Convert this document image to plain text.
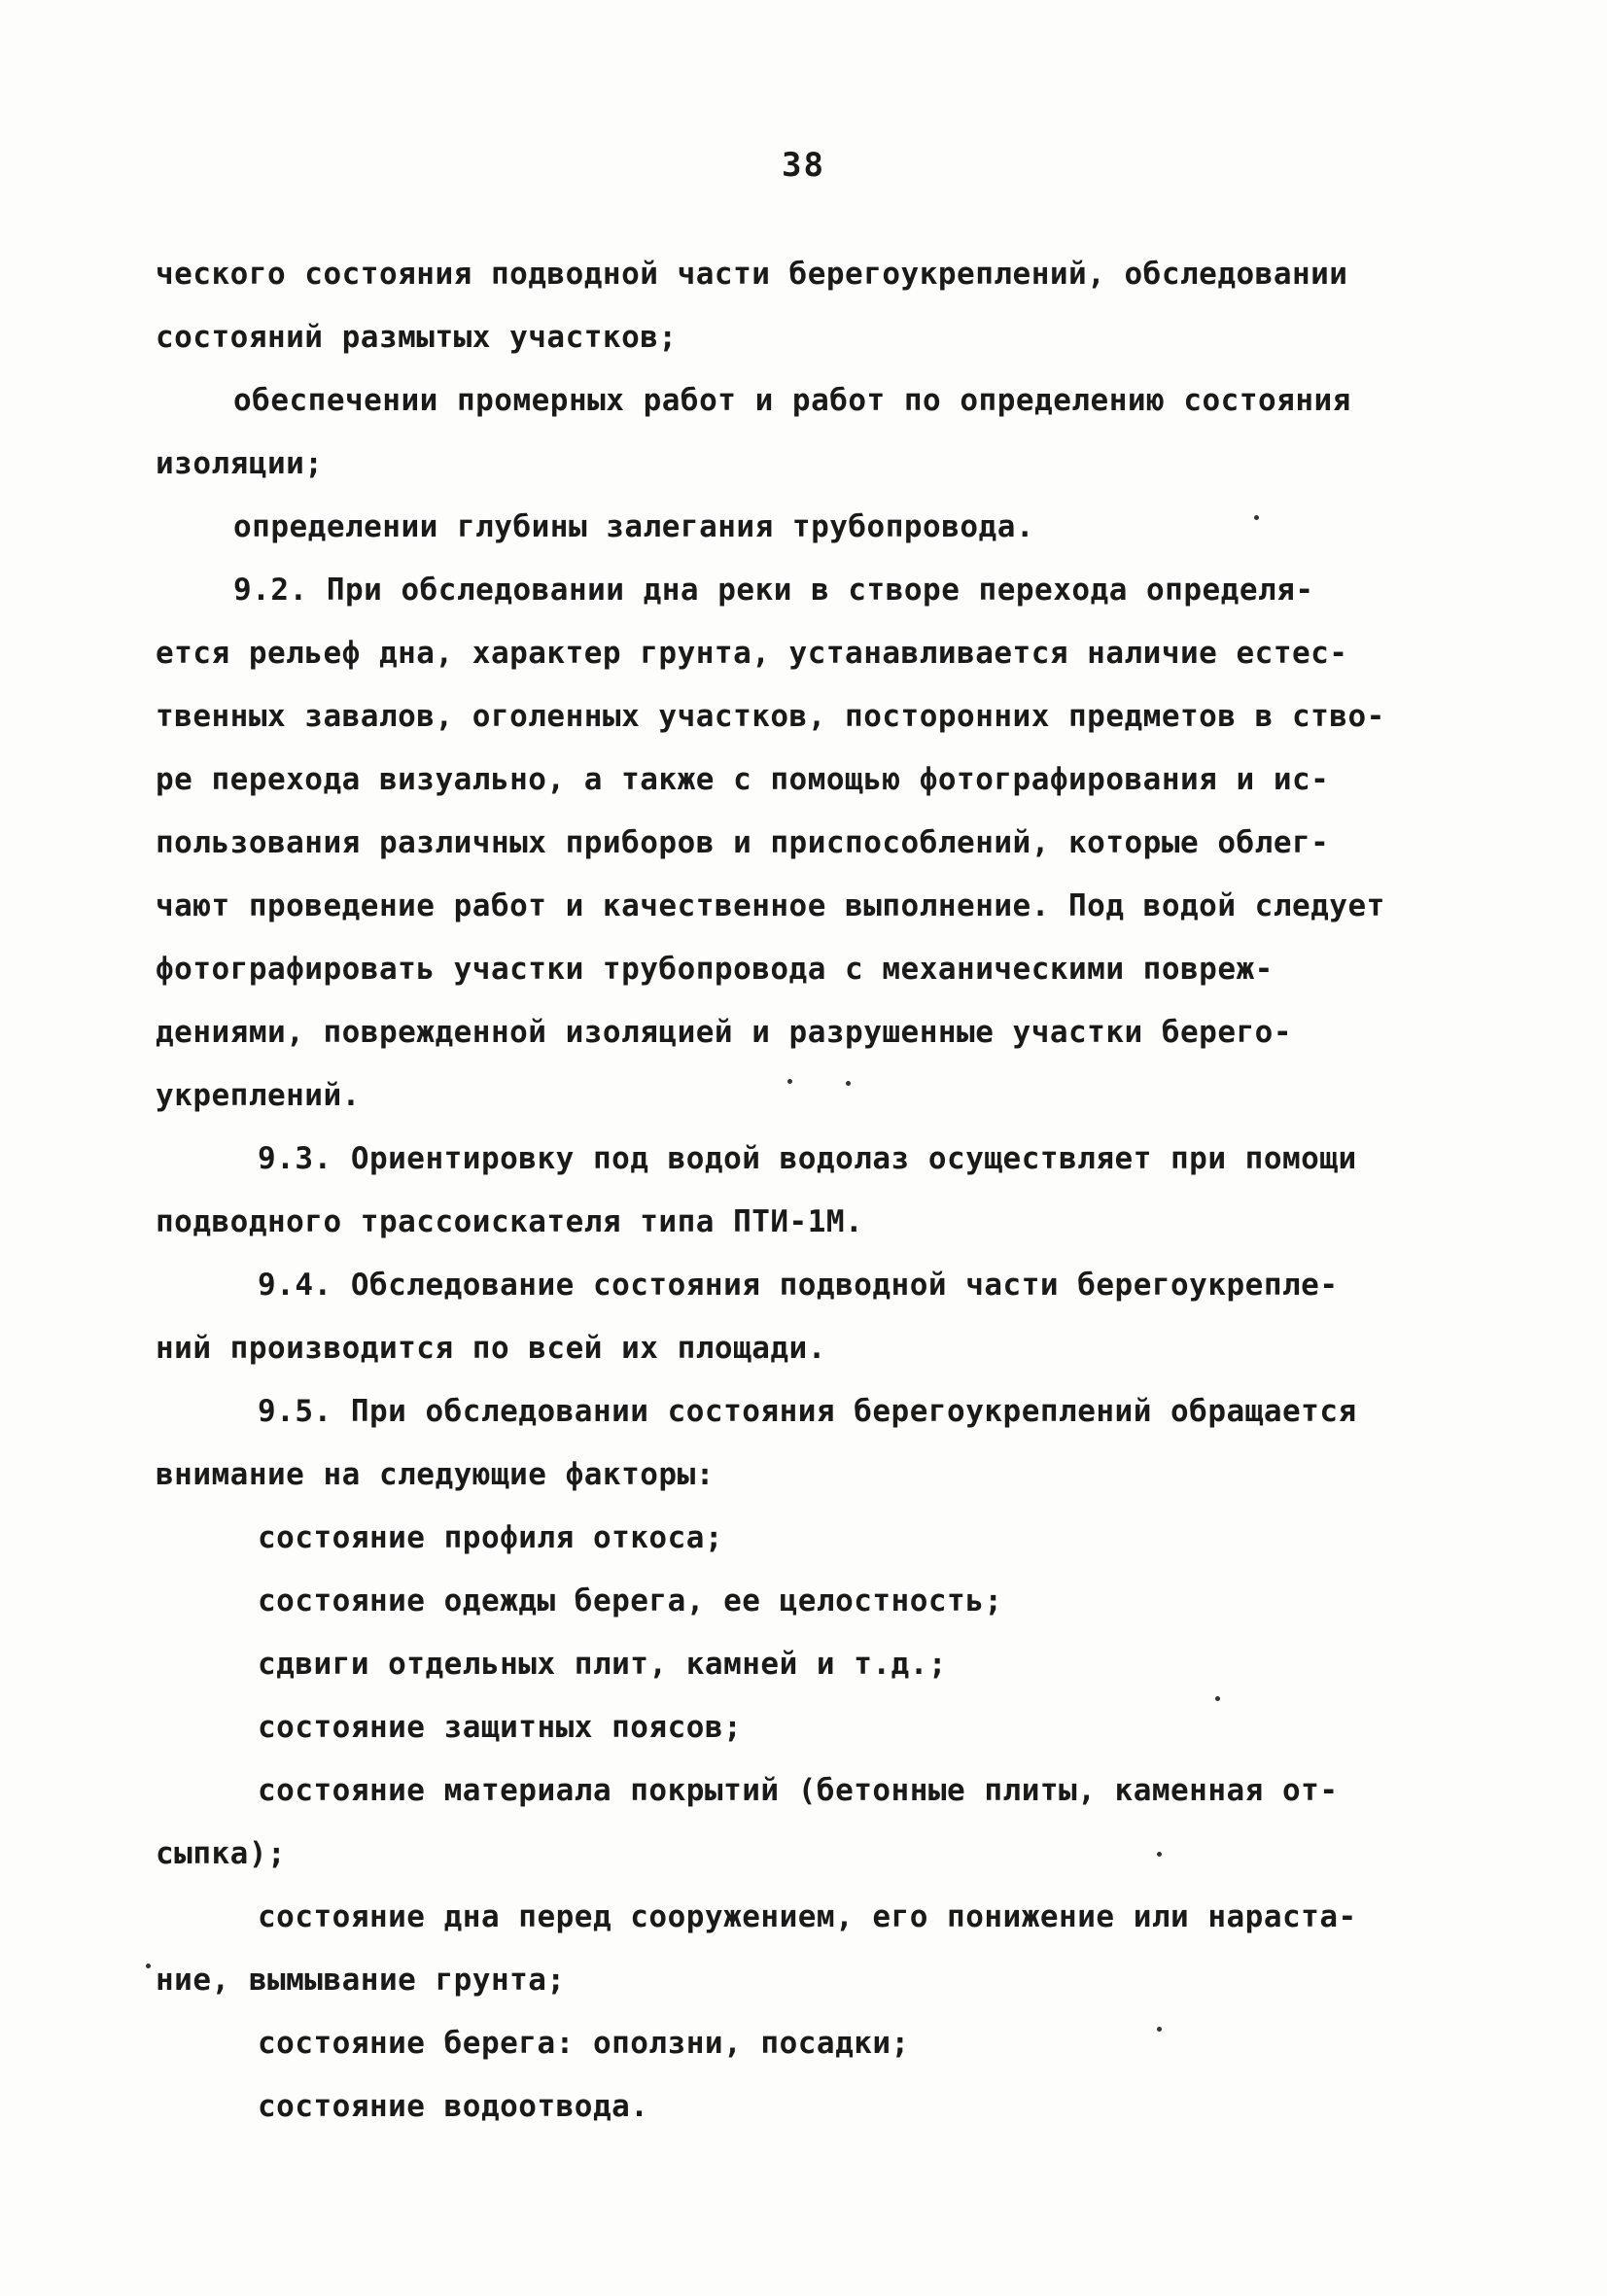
38
ческого состояния подводной части берегоукреплений, обследовании
состояний размытых участков;
обеспечении промерных работ и работ по определению состояния
изоляции;
определении глубины залегания трубопровода.
9.2. При обследовании дна реки в створе перехода определя-
ется рельеф дна, характер грунта, устанавливается наличие естес-
твенных завалов, оголенных участков, посторонних предметов в ство-
ре перехода визуально, а также с помощью фотографирования и ис-
пользования различных приборов и приспособлений, которые облег-
чают проведение работ и качественное выполнение. Под водой следует
фотографировать участки трубопровода с механическими повреж-
дениями, поврежденной изоляцией и разрушенные участки берего-
укреплений.
9.3. Ориентировку под водой водолаз осуществляет при помощи
подводного трассоискателя типа ПТИ-1М.
9.4. Обследование состояния подводной части берегоукрепле-
ний производится по всей их площади.
9.5. При обследовании состояния берегоукреплений обращается
внимание на следующие факторы:
состояние профиля откоса;
состояние одежды берега, ее целостность;
сдвиги отдельных плит, камней и т.д.;
состояние защитных поясов;
состояние материала покрытий (бетонные плиты, каменная от-
сыпка);
состояние дна перед сооружением, его понижение или нараста-
ние, вымывание грунта;
состояние берега: оползни, посадки;
состояние водоотвода.
